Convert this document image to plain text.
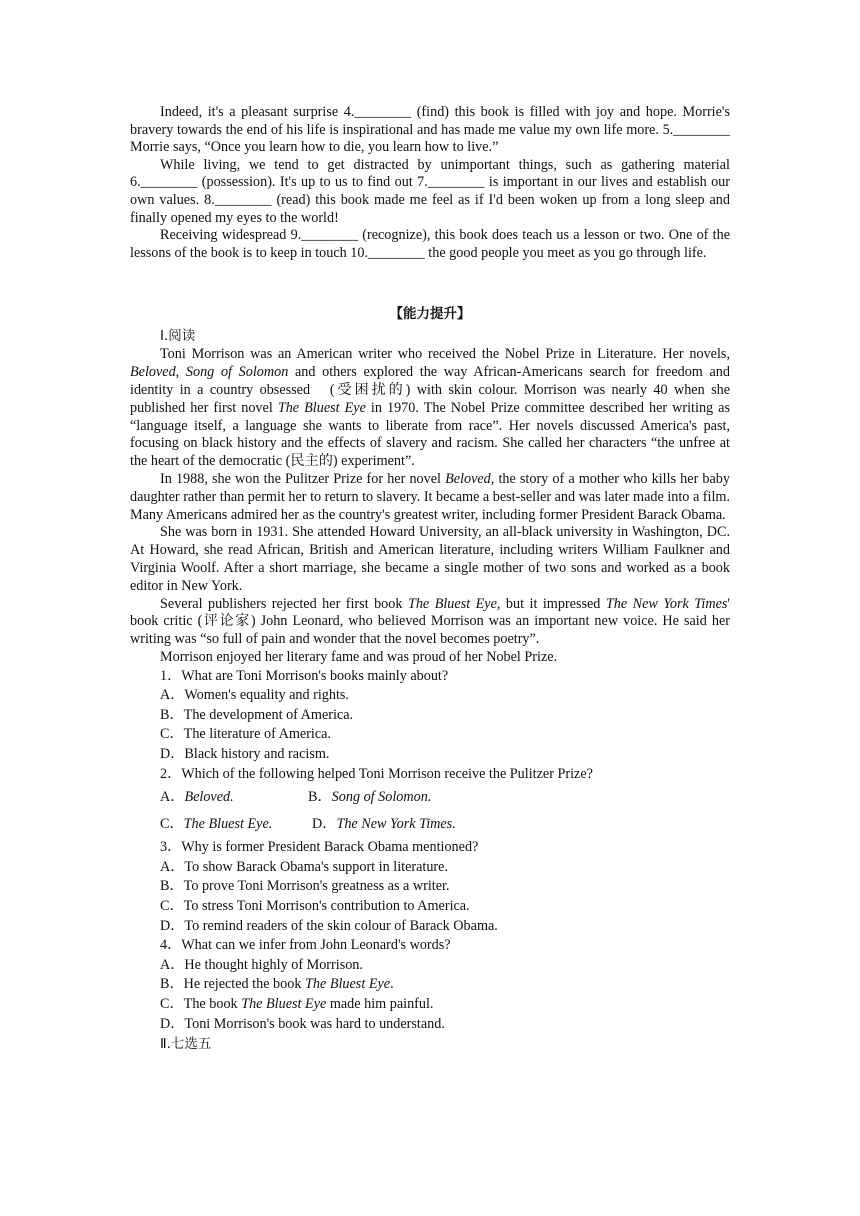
Indeed, it's a pleasant surprise 4.________ (find) this book is filled with joy and hope. Morrie's bravery towards the end of his life is inspirational and has made me value my own life more. 5.________ Morrie says, “Once you learn how to die, you learn how to live.”

While living, we tend to get distracted by unimportant things, such as gathering material 6.________ (possession). It's up to us to find out 7.________ is important in our lives and establish our own values. 8.________ (read) this book made me feel as if I'd been woken up from a long sleep and finally opened my eyes to the world!

Receiving widespread 9.________ (recognize), this book does teach us a lesson or two. One of the lessons of the book is to keep in touch 10.________ the good people you meet as you go through life.

【能力提升】
Ⅰ.阅读

Toni Morrison was an American writer who received the Nobel Prize in Literature. Her novels, Beloved, Song of Solomon and others explored the way African-Americans search for freedom and identity in a country obsessed　(受困扰的) with skin colour. Morrison was nearly 40 when she published her first novel The Bluest Eye in 1970. The Nobel Prize committee described her writing as “language itself, a language she wants to liberate from race”. Her novels discussed America's past, focusing on black history and the effects of slavery and racism. She called her characters “the unfree at the heart of the democratic (民主的) experiment”.

In 1988, she won the Pulitzer Prize for her novel Beloved, the story of a mother who kills her baby daughter rather than permit her to return to slavery. It became a best-seller and was later made into a film. Many Americans admired her as the country's greatest writer, including former President Barack Obama.

She was born in 1931. She attended Howard University, an all-black university in Washington, DC. At Howard, she read African, British and American literature, including writers William Faulkner and Virginia Woolf. After a short marriage, she became a single mother of two sons and worked as a book editor in New York.

Several publishers rejected her first book The Bluest Eye, but it impressed The New York Times' book critic (评论家) John Leonard, who believed Morrison was an important new voice. He said her writing was “so full of pain and wonder that the novel becomes poetry”.

Morrison enjoyed her literary fame and was proud of her Nobel Prize.

1．What are Toni Morrison's books mainly about?
A．Women's equality and rights.
B．The development of America.
C．The literature of America.
D．Black history and racism.
2．Which of the following helped Toni Morrison receive the Pulitzer Prize?
A．Beloved.	B．Song of Solomon.
C．The Bluest Eye.	D．The New York Times.
3．Why is former President Barack Obama mentioned?
A．To show Barack Obama's support in literature.
B．To prove Toni Morrison's greatness as a writer.
C．To stress Toni Morrison's contribution to America.
D．To remind readers of the skin colour of Barack Obama.
4．What can we infer from John Leonard's words?
A．He thought highly of Morrison.
B．He rejected the book The Bluest Eye.
C．The book The Bluest Eye made him painful.
D．Toni Morrison's book was hard to understand.
Ⅱ.七选五
